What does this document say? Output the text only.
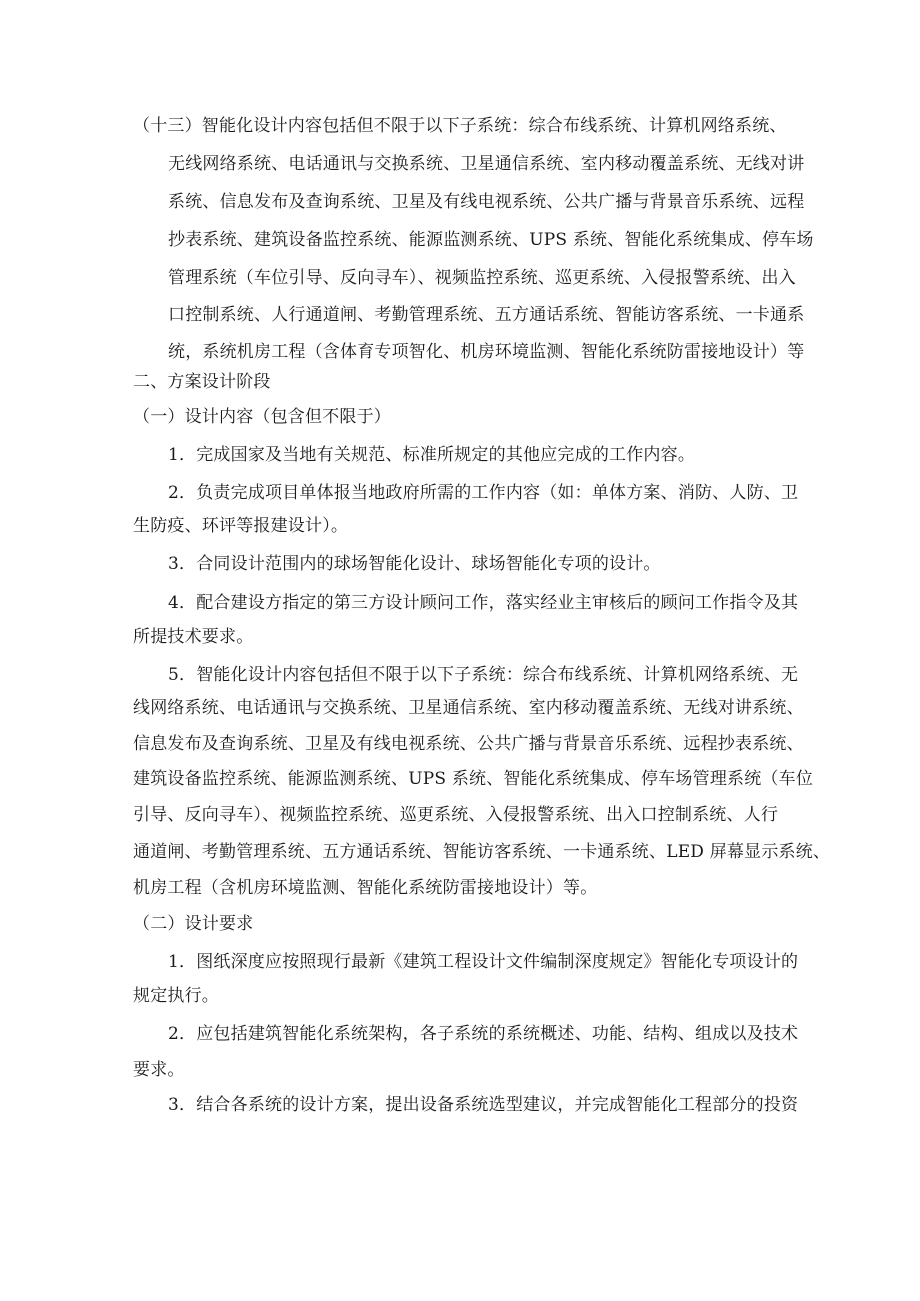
（十三）智能化设计内容包括但不限于以下子系统：综合布线系统、计算机网络系统、
无线网络系统、电话通讯与交换系统、卫星通信系统、室内移动覆盖系统、无线对讲
系统、信息发布及查询系统、卫星及有线电视系统、公共广播与背景音乐系统、远程
抄表系统、建筑设备监控系统、能源监测系统、UPS 系统、智能化系统集成、停车场
管理系统（车位引导、反向寻车）、视频监控系统、巡更系统、入侵报警系统、出入
口控制系统、人行通道闸、考勤管理系统、五方通话系统、智能访客系统、一卡通系
统，系统机房工程（含体育专项智化、机房环境监测、智能化系统防雷接地设计）等
二、方案设计阶段
（一）设计内容（包含但不限于）
1．完成国家及当地有关规范、标准所规定的其他应完成的工作内容。
2．负责完成项目单体报当地政府所需的工作内容（如：单体方案、消防、人防、卫
生防疫、环评等报建设计）。
3．合同设计范围内的球场智能化设计、球场智能化专项的设计。
4．配合建设方指定的第三方设计顾问工作，落实经业主审核后的顾问工作指令及其
所提技术要求。
5．智能化设计内容包括但不限于以下子系统：综合布线系统、计算机网络系统、无
线网络系统、电话通讯与交换系统、卫星通信系统、室内移动覆盖系统、无线对讲系统、
信息发布及查询系统、卫星及有线电视系统、公共广播与背景音乐系统、远程抄表系统、
建筑设备监控系统、能源监测系统、UPS 系统、智能化系统集成、停车场管理系统（车位
引导、反向寻车）、视频监控系统、巡更系统、入侵报警系统、出入口控制系统、人行
通道闸、考勤管理系统、五方通话系统、智能访客系统、一卡通系统、LED 屏幕显示系统、
机房工程（含机房环境监测、智能化系统防雷接地设计）等。
（二）设计要求
1．图纸深度应按照现行最新《建筑工程设计文件编制深度规定》智能化专项设计的
规定执行。
2．应包括建筑智能化系统架构，各子系统的系统概述、功能、结构、组成以及技术
要求。
3．结合各系统的设计方案，提出设备系统选型建议，并完成智能化工程部分的投资
